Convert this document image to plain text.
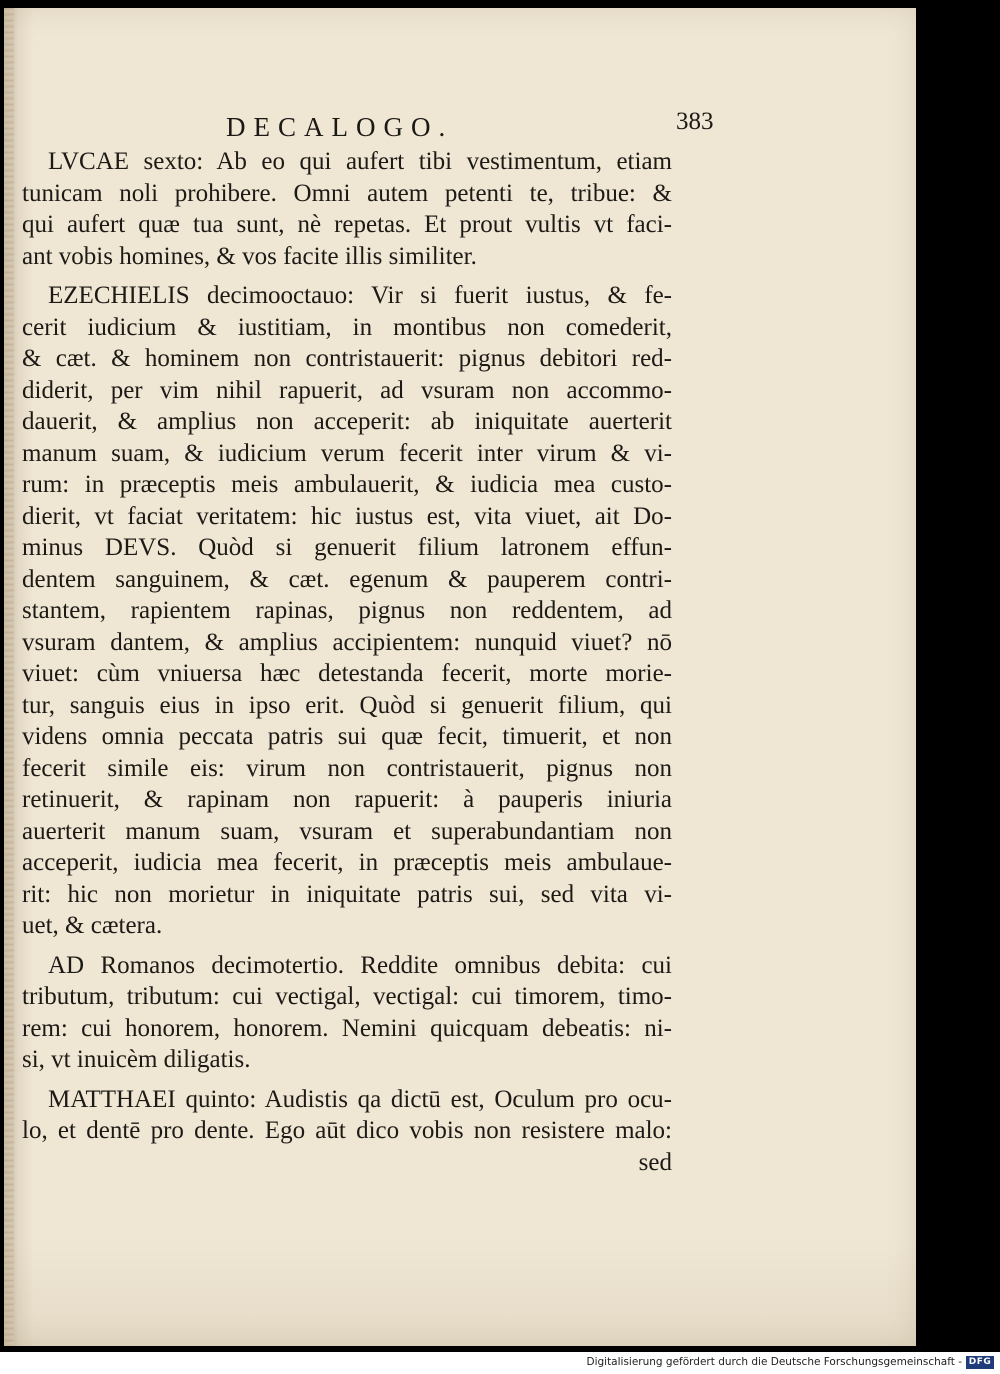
DECALOGO.	383
LVCAE sexto: Ab eo qui aufert tibi vestimentum, etiam
tunicam noli prohibere. Omni autem petenti te, tribue: &
qui aufert quæ tua sunt, nè repetas. Et prout vultis vt faci-
ant vobis homines, & vos facite illis similiter.
EZECHIELIS decimooctauo: Vir si fuerit iustus, & fe-
cerit iudicium & iustitiam, in montibus non comederit,
& cæt. & hominem non contristauerit: pignus debitori red-
diderit, per vim nihil rapuerit, ad vsuram non accommo-
dauerit, & amplius non acceperit: ab iniquitate auerterit
manum suam, & iudicium verum fecerit inter virum & vi-
rum: in præceptis meis ambulauerit, & iudicia mea custo-
dierit, vt faciat veritatem: hic iustus est, vita viuet, ait Do-
minus DEVS. Quòd si genuerit filium latronem effun-
dentem sanguinem, & cæt. egenum & pauperem contri-
stantem, rapientem rapinas, pignus non reddentem, ad
vsuram dantem, & amplius accipientem: nunquid viuet? nō
viuet: cùm vniuersa hæc detestanda fecerit, morte morie-
tur, sanguis eius in ipso erit. Quòd si genuerit filium, qui
videns omnia peccata patris sui quæ fecit, timuerit, et non
fecerit simile eis: virum non contristauerit, pignus non
retinuerit, & rapinam non rapuerit: à pauperis iniuria
auerterit manum suam, vsuram et superabundantiam non
acceperit, iudicia mea fecerit, in præceptis meis ambulaue-
rit: hic non morietur in iniquitate patris sui, sed vita vi-
uet, & cætera.
AD Romanos decimotertio. Reddite omnibus debita: cui
tributum, tributum: cui vectigal, vectigal: cui timorem, timo-
rem: cui honorem, honorem. Nemini quicquam debeatis: ni-
si, vt inuicèm diligatis.
MATTHAEI quinto: Audistis qa dictū est, Oculum pro ocu-
lo, et dentē pro dente. Ego aūt dico vobis non resistere malo:
sed
Digitalisierung gefördert durch die Deutsche Forschungsgemeinschaft - DFG
